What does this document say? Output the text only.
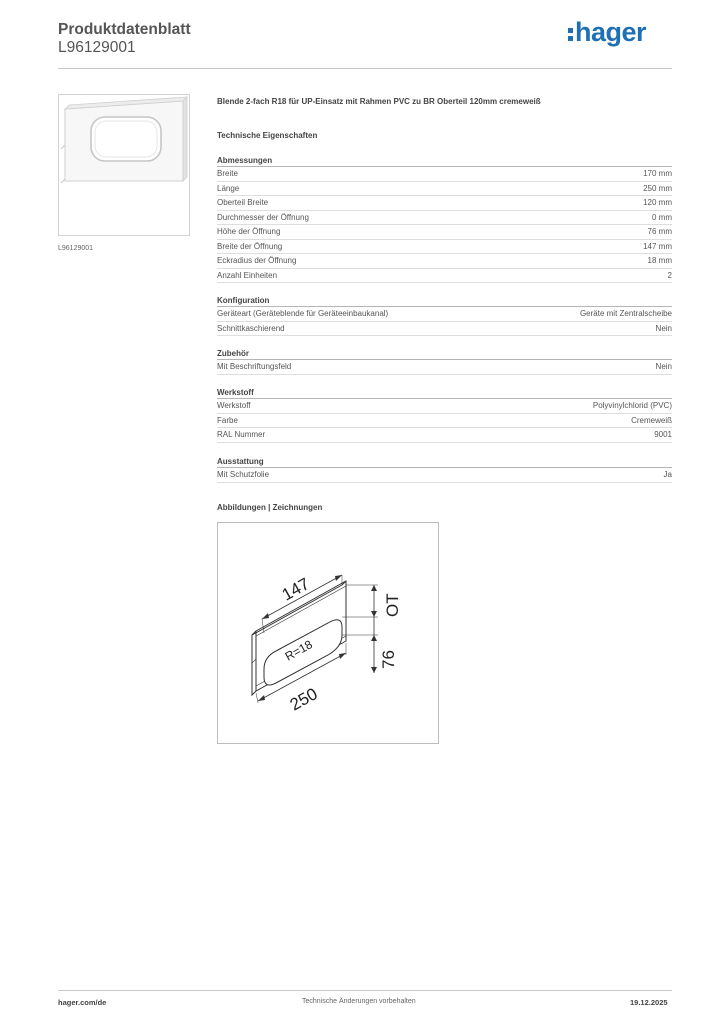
Produktdatenblatt
L96129001
hager
L96129001
Blende 2-fach R18 für UP-Einsatz mit Rahmen PVC zu BR Oberteil 120mm cremeweiß
Technische Eigenschaften
Abmessungen
Breite	170 mm
Länge	250 mm
Oberteil Breite	120 mm
Durchmesser der Öffnung	0 mm
Höhe der Öffnung	76 mm
Breite der Öffnung	147 mm
Eckradius der Öffnung	18 mm
Anzahl Einheiten	2
Konfiguration
Geräteart (Geräteblende für Geräteeinbaukanal)	Geräte mit Zentralscheibe
Schnittkaschierend	Nein
Zubehör
Mit Beschriftungsfeld	Nein
Werkstoff
Werkstoff	Polyvinylchlorid (PVC)
Farbe	Cremeweiß
RAL Nummer	9001
Ausstattung
Mit Schutzfolie	Ja
Abbildungen | Zeichnungen
147
R=18
OT
76
250
hager.com/de	Technische Änderungen vorbehalten	19.12.2025
